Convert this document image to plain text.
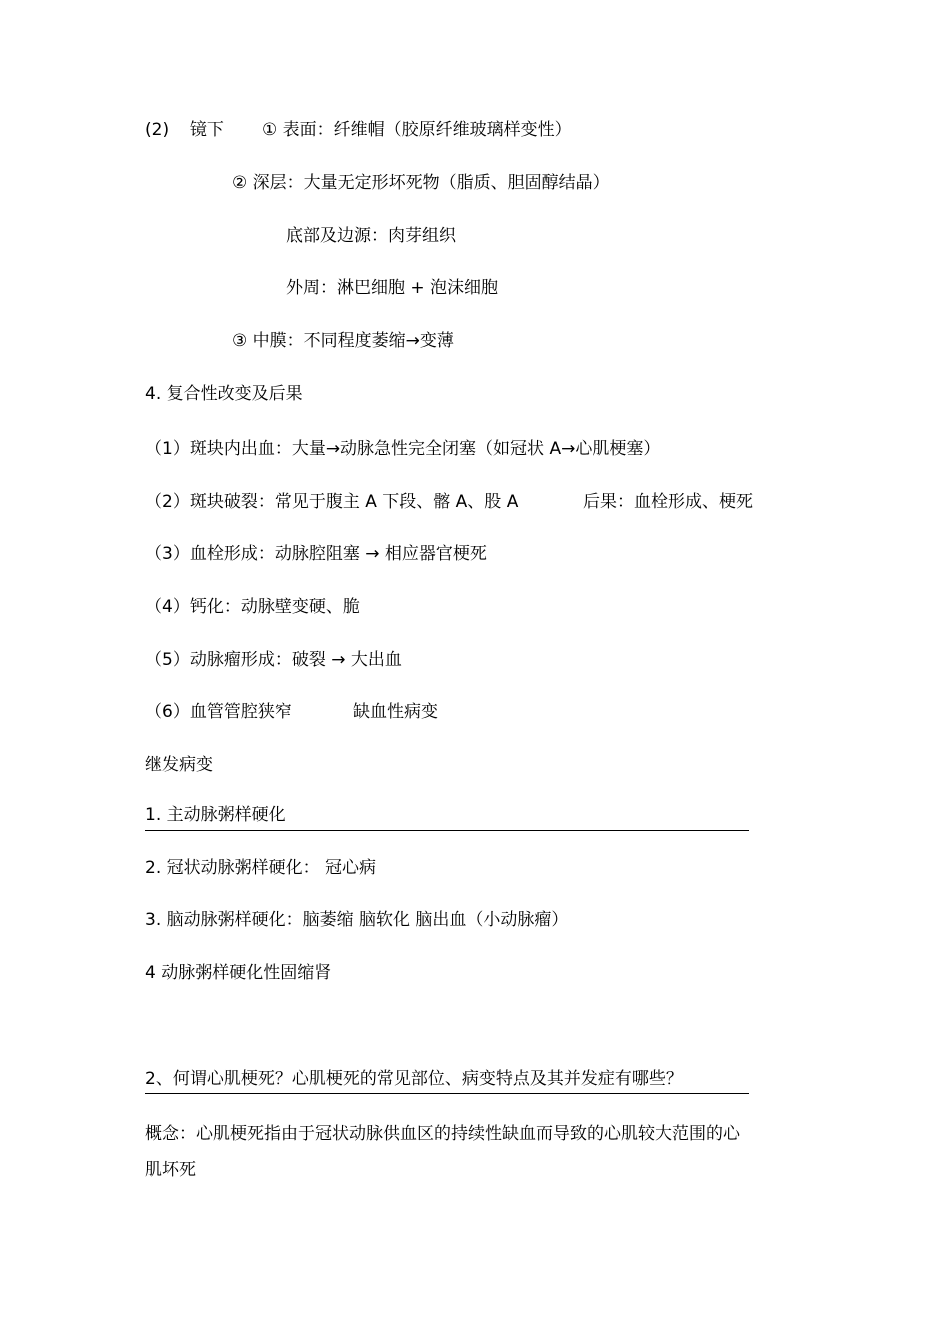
(2) 镜下 ① 表面：纤维帽（胶原纤维玻璃样变性）
② 深层：大量无定形坏死物（脂质、胆固醇结晶）
底部及边源：肉芽组织
外周：淋巴细胞 + 泡沫细胞
③ 中膜：不同程度萎缩→变薄
4. 复合性改变及后果
（1）斑块内出血：大量→动脉急性完全闭塞（如冠状 A→心肌梗塞）
（2）斑块破裂：常见于腹主 A 下段、髂 A、股 A	后果：血栓形成、梗死
（3）血栓形成：动脉腔阻塞 → 相应器官梗死
（4）钙化：动脉壁变硬、脆
（5）动脉瘤形成：破裂 → 大出血
（6）血管管腔狭窄	缺血性病变
继发病变
1. 主动脉粥样硬化
2. 冠状动脉粥样硬化： 冠心病
3. 脑动脉粥样硬化：脑萎缩 脑软化 脑出血（小动脉瘤）
4 动脉粥样硬化性固缩肾
2、何谓心肌梗死？心肌梗死的常见部位、病变特点及其并发症有哪些？
概念：心肌梗死指由于冠状动脉供血区的持续性缺血而导致的心肌较大范围的心
肌坏死
